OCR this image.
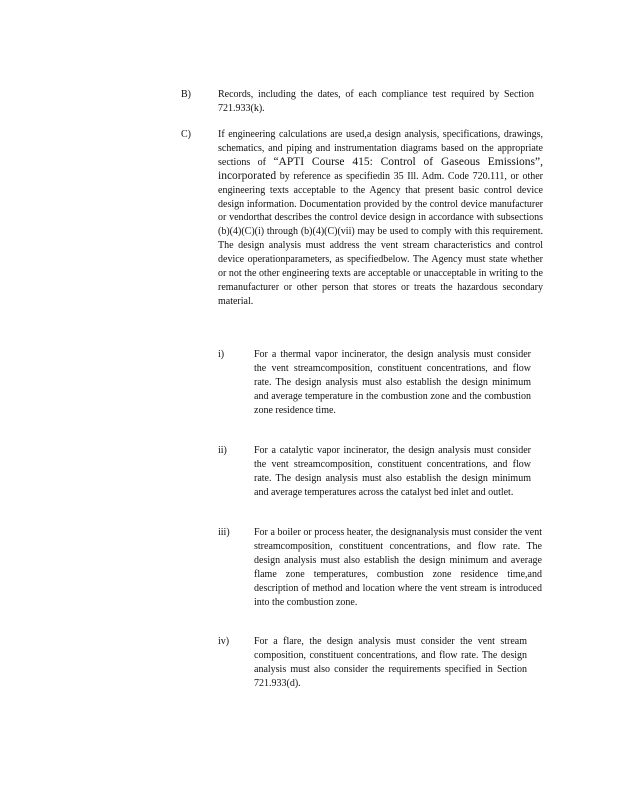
B)	Records, including the dates, of each compliance test required by Section 721.933(k).
C)	If engineering calculations are used,a design analysis, specifications, drawings, schematics, and piping and instrumentation diagrams based on the appropriate sections of “APTI Course 415: Control of Gaseous Emissions”, incorporated by reference as specifiedin 35 Ill. Adm. Code 720.111, or other engineering texts acceptable to the Agency that present basic control device design information. Documentation provided by the control device manufacturer or vendorthat describes the control device design in accordance with subsections (b)(4)(C)(i) through (b)(4)(C)(vii) may be used to comply with this requirement. The design analysis must address the vent stream characteristics and control device operationparameters, as specifiedbelow. The Agency must state whether or not the other engineering texts are acceptable or unacceptable in writing to the remanufacturer or other person that stores or treats the hazardous secondary material.
i)	For a thermal vapor incinerator, the design analysis must consider the vent streamcomposition, constituent concentrations, and flow rate. The design analysis must also establish the design minimum and average temperature in the combustion zone and the combustion zone residence time.
ii)	For a catalytic vapor incinerator, the design analysis must consider the vent streamcomposition, constituent concentrations, and flow rate. The design analysis must also establish the design minimum and average temperatures across the catalyst bed inlet and outlet.
iii) For a boiler or process heater, the designanalysis must consider the vent streamcomposition, constituent concentrations, and flow rate. The design analysis must also establish the design minimum and average flame zone temperatures, combustion zone residence time,and description of method and location where the vent stream is introduced into the combustion zone.
iv) For a flare, the design analysis must consider the vent stream composition, constituent concentrations, and flow rate. The design analysis must also consider the requirements specified in Section 721.933(d).
